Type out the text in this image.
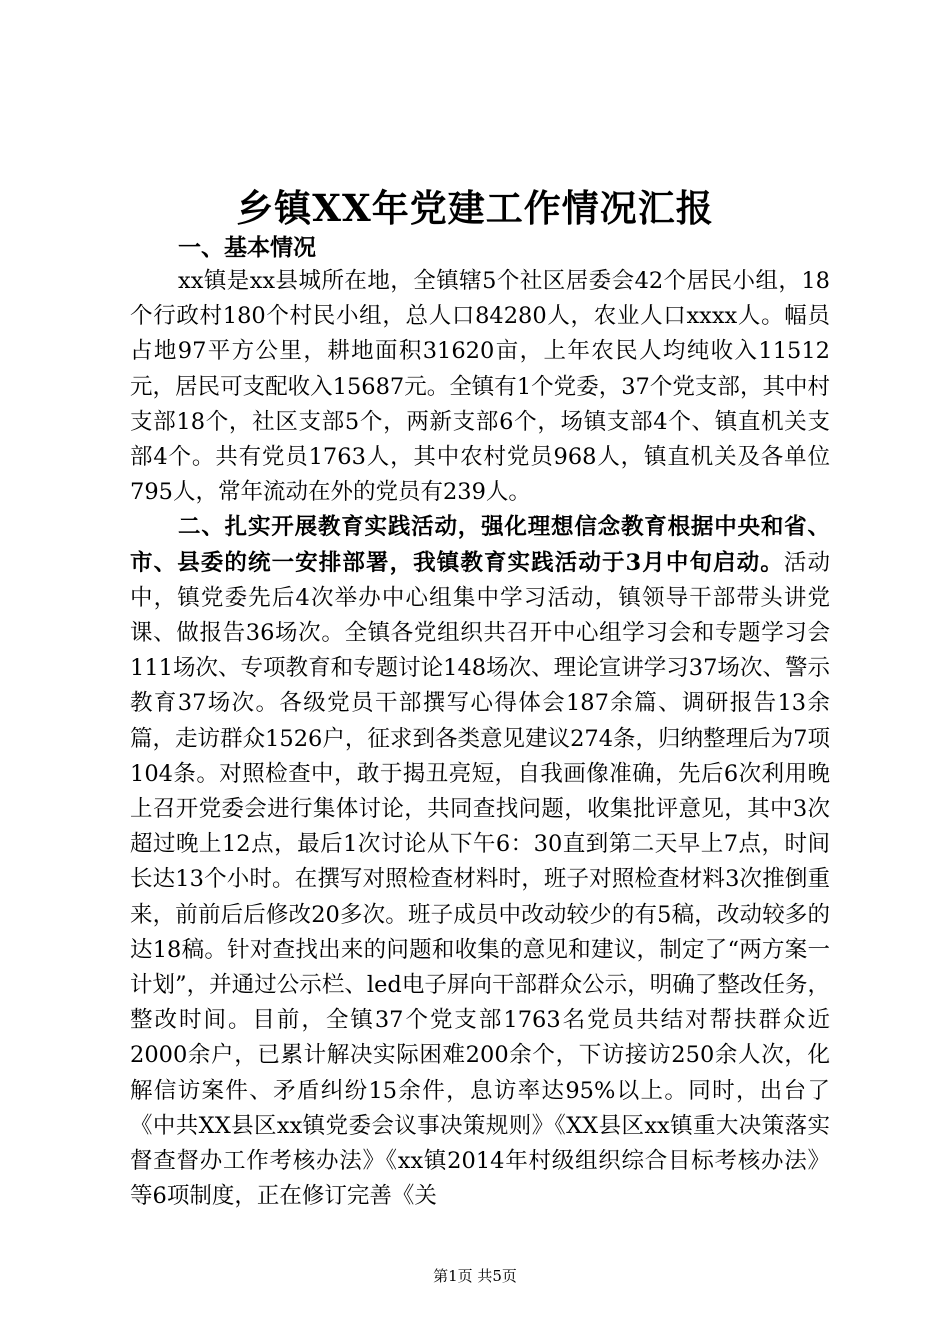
乡镇XX年党建工作情况汇报

一、基本情况

xx镇是xx县城所在地，全镇辖5个社区居委会42个居民小组，18个行政村180个村民小组，总人口84280人，农业人口xxxx人。幅员占地97平方公里，耕地面积31620亩，上年农民人均纯收入11512元，居民可支配收入15687元。全镇有1个党委，37个党支部，其中村支部18个，社区支部5个，两新支部6个，场镇支部4个、镇直机关支部4个。共有党员1763人，其中农村党员968人，镇直机关及各单位795人，常年流动在外的党员有239人。

二、扎实开展教育实践活动，强化理想信念教育根据中央和省、市、县委的统一安排部署，我镇教育实践活动于3月中旬启动。活动中，镇党委先后4次举办中心组集中学习活动，镇领导干部带头讲党课、做报告36场次。全镇各党组织共召开中心组学习会和专题学习会111场次、专项教育和专题讨论148场次、理论宣讲学习37场次、警示教育37场次。各级党员干部撰写心得体会187余篇、调研报告13余篇，走访群众1526户，征求到各类意见建议274条，归纳整理后为7项104条。对照检查中，敢于揭丑亮短，自我画像准确，先后6次利用晚上召开党委会进行集体讨论，共同查找问题，收集批评意见，其中3次超过晚上12点，最后1次讨论从下午6：30直到第二天早上7点，时间长达13个小时。在撰写对照检查材料时，班子对照检查材料3次推倒重来，前前后后修改20多次。班子成员中改动较少的有5稿，改动较多的达18稿。针对查找出来的问题和收集的意见和建议，制定了“两方案一计划”，并通过公示栏、led电子屏向干部群众公示，明确了整改任务，整改时间。目前，全镇37个党支部1763名党员共结对帮扶群众近2000余户，已累计解决实际困难200余个，下访接访250余人次，化解信访案件、矛盾纠纷15余件，息访率达95%以上。同时，出台了《中共XX县区xx镇党委会议事决策规则》《XX县区xx镇重大决策落实督查督办工作考核办法》《xx镇2014年村级组织综合目标考核办法》等6项制度，正在修订完善《关

第1页 共5页
